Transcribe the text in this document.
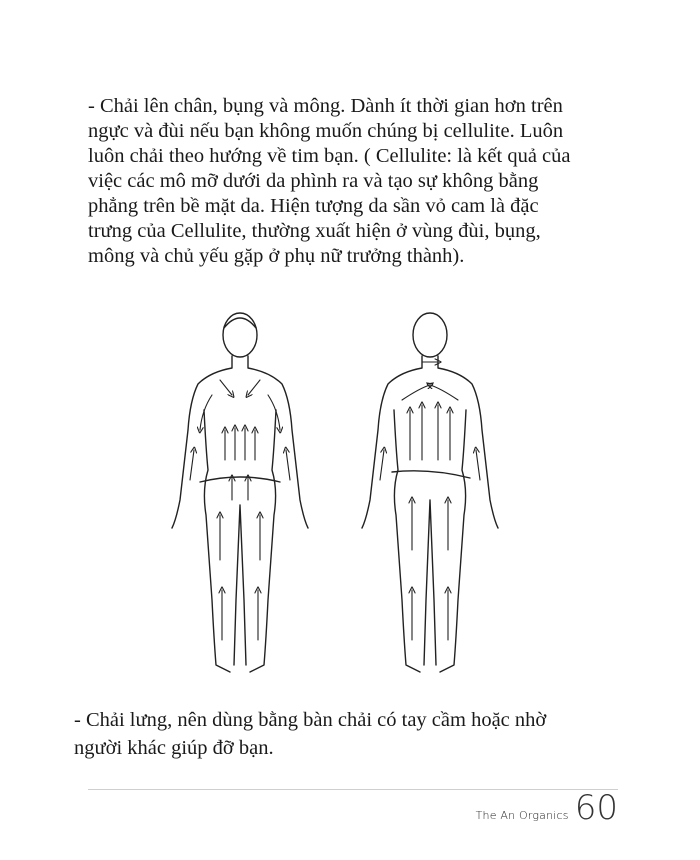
- Chải lên chân, bụng và mông. Dành ít thời gian hơn trên
ngực và đùi nếu bạn không muốn chúng bị cellulite. Luôn
luôn chải theo hướng về tim bạn. ( Cellulite: là kết quả của
việc các mô mỡ dưới da phình ra và tạo sự không bằng
phẳng trên bề mặt da. Hiện tượng da sần vỏ cam là đặc
trưng của Cellulite, thường xuất hiện ở vùng đùi, bụng,
mông và chủ yếu gặp ở phụ nữ trưởng thành).
- Chải lưng, nên dùng bằng bàn chải có tay cầm hoặc nhờ
người khác giúp đỡ bạn.
The An Organics 60
